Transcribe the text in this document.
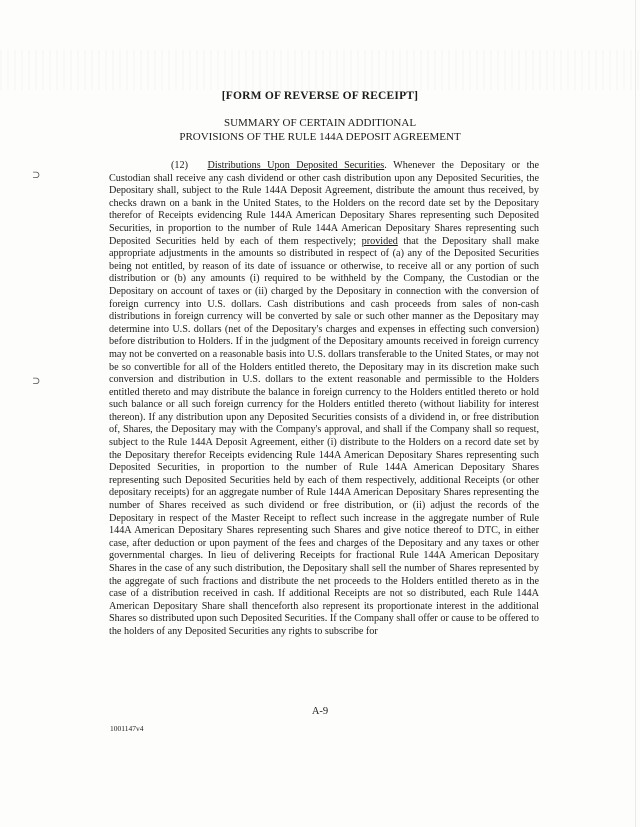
⊃
⊃
[FORM OF REVERSE OF RECEIPT]
SUMMARY OF CERTAIN ADDITIONAL
PROVISIONS OF THE RULE 144A DEPOSIT AGREEMENT

(12) Distributions Upon Deposited Securities. Whenever the Depositary or the Custodian shall receive any cash dividend or other cash distribution upon any Deposited Securities, the Depositary shall, subject to the Rule 144A Deposit Agreement, distribute the amount thus received, by checks drawn on a bank in the United States, to the Holders on the record date set by the Depositary therefor of Receipts evidencing Rule 144A American Depositary Shares representing such Deposited Securities, in proportion to the number of Rule 144A American Depositary Shares representing such Deposited Securities held by each of them respectively; provided that the Depositary shall make appropriate adjustments in the amounts so distributed in respect of (a) any of the Deposited Securities being not entitled, by reason of its date of issuance or otherwise, to receive all or any portion of such distribution or (b) any amounts (i) required to be withheld by the Company, the Custodian or the Depositary on account of taxes or (ii) charged by the Depositary in connection with the conversion of foreign currency into U.S. dollars. Cash distributions and cash proceeds from sales of non-cash distributions in foreign currency will be converted by sale or such other manner as the Depositary may determine into U.S. dollars (net of the Depositary's charges and expenses in effecting such conversion) before distribution to Holders. If in the judgment of the Depositary amounts received in foreign currency may not be converted on a reasonable basis into U.S. dollars transferable to the United States, or may not be so convertible for all of the Holders entitled thereto, the Depositary may in its discretion make such conversion and distribution in U.S. dollars to the extent reasonable and permissible to the Holders entitled thereto and may distribute the balance in foreign currency to the Holders entitled thereto or hold such balance or all such foreign currency for the Holders entitled thereto (without liability for interest thereon). If any distribution upon any Deposited Securities consists of a dividend in, or free distribution of, Shares, the Depositary may with the Company's approval, and shall if the Company shall so request, subject to the Rule 144A Deposit Agreement, either (i) distribute to the Holders on a record date set by the Depositary therefor Receipts evidencing Rule 144A American Depositary Shares representing such Deposited Securities, in proportion to the number of Rule 144A American Depositary Shares representing such Deposited Securities held by each of them respectively, additional Receipts (or other depositary receipts) for an aggregate number of Rule 144A American Depositary Shares representing the number of Shares received as such dividend or free distribution, or (ii) adjust the records of the Depositary in respect of the Master Receipt to reflect such increase in the aggregate number of Rule 144A American Depositary Shares representing such Shares and give notice thereof to DTC, in either case, after deduction or upon payment of the fees and charges of the Depositary and any taxes or other governmental charges. In lieu of delivering Receipts for fractional Rule 144A American Depositary Shares in the case of any such distribution, the Depositary shall sell the number of Shares represented by the aggregate of such fractions and distribute the net proceeds to the Holders entitled thereto as in the case of a distribution received in cash. If additional Receipts are not so distributed, each Rule 144A American Depositary Share shall thenceforth also represent its proportionate interest in the additional Shares so distributed upon such Deposited Securities. If the Company shall offer or cause to be offered to the holders of any Deposited Securities any rights to subscribe for

A-9
1001147v4
